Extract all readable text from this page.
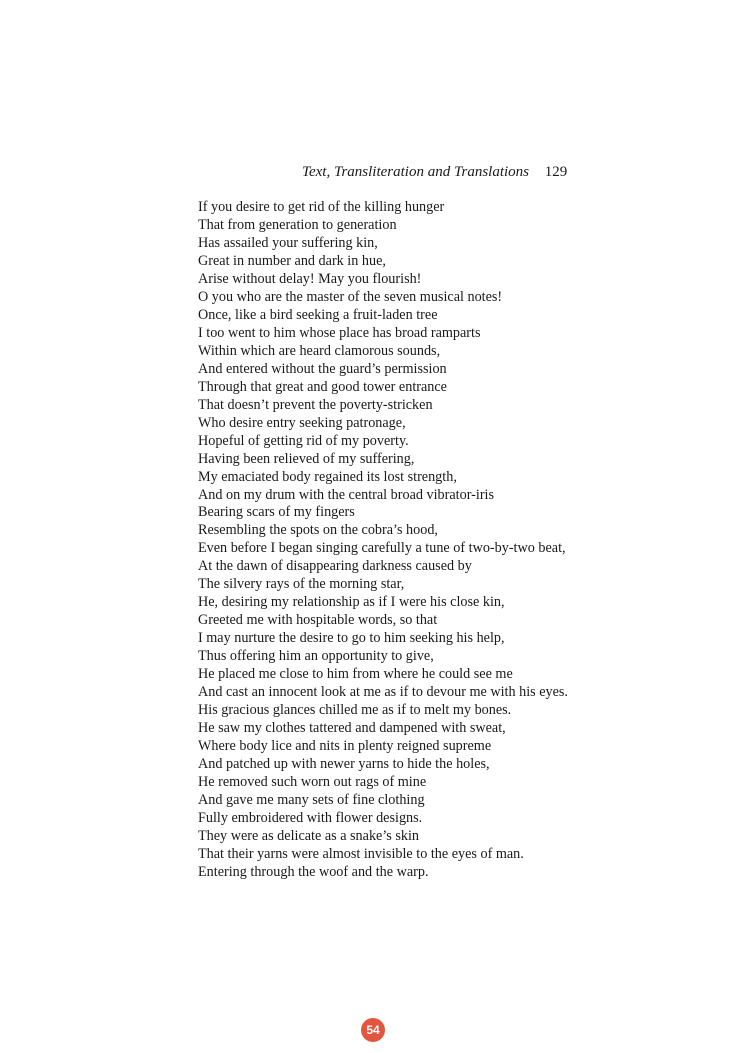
Text, Transliteration and Translations 129
If you desire to get rid of the killing hunger
That from generation to generation
Has assailed your suffering kin,
Great in number and dark in hue,
Arise without delay! May you flourish!
O you who are the master of the seven musical notes!
Once, like a bird seeking a fruit-laden tree
I too went to him whose place has broad ramparts
Within which are heard clamorous sounds,
And entered without the guard’s permission
Through that great and good tower entrance
That doesn’t prevent the poverty-stricken
Who desire entry seeking patronage,
Hopeful of getting rid of my poverty.
Having been relieved of my suffering,
My emaciated body regained its lost strength,
And on my drum with the central broad vibrator-iris
Bearing scars of my fingers
Resembling the spots on the cobra’s hood,
Even before I began singing carefully a tune of two-by-two beat,
At the dawn of disappearing darkness caused by
The silvery rays of the morning star,
He, desiring my relationship as if I were his close kin,
Greeted me with hospitable words, so that
I may nurture the desire to go to him seeking his help,
Thus offering him an opportunity to give,
He placed me close to him from where he could see me
And cast an innocent look at me as if to devour me with his eyes.
His gracious glances chilled me as if to melt my bones.
He saw my clothes tattered and dampened with sweat,
Where body lice and nits in plenty reigned supreme
And patched up with newer yarns to hide the holes,
He removed such worn out rags of mine
And gave me many sets of fine clothing
Fully embroidered with flower designs.
They were as delicate as a snake’s skin
That their yarns were almost invisible to the eyes of man.
Entering through the woof and the warp.
54
